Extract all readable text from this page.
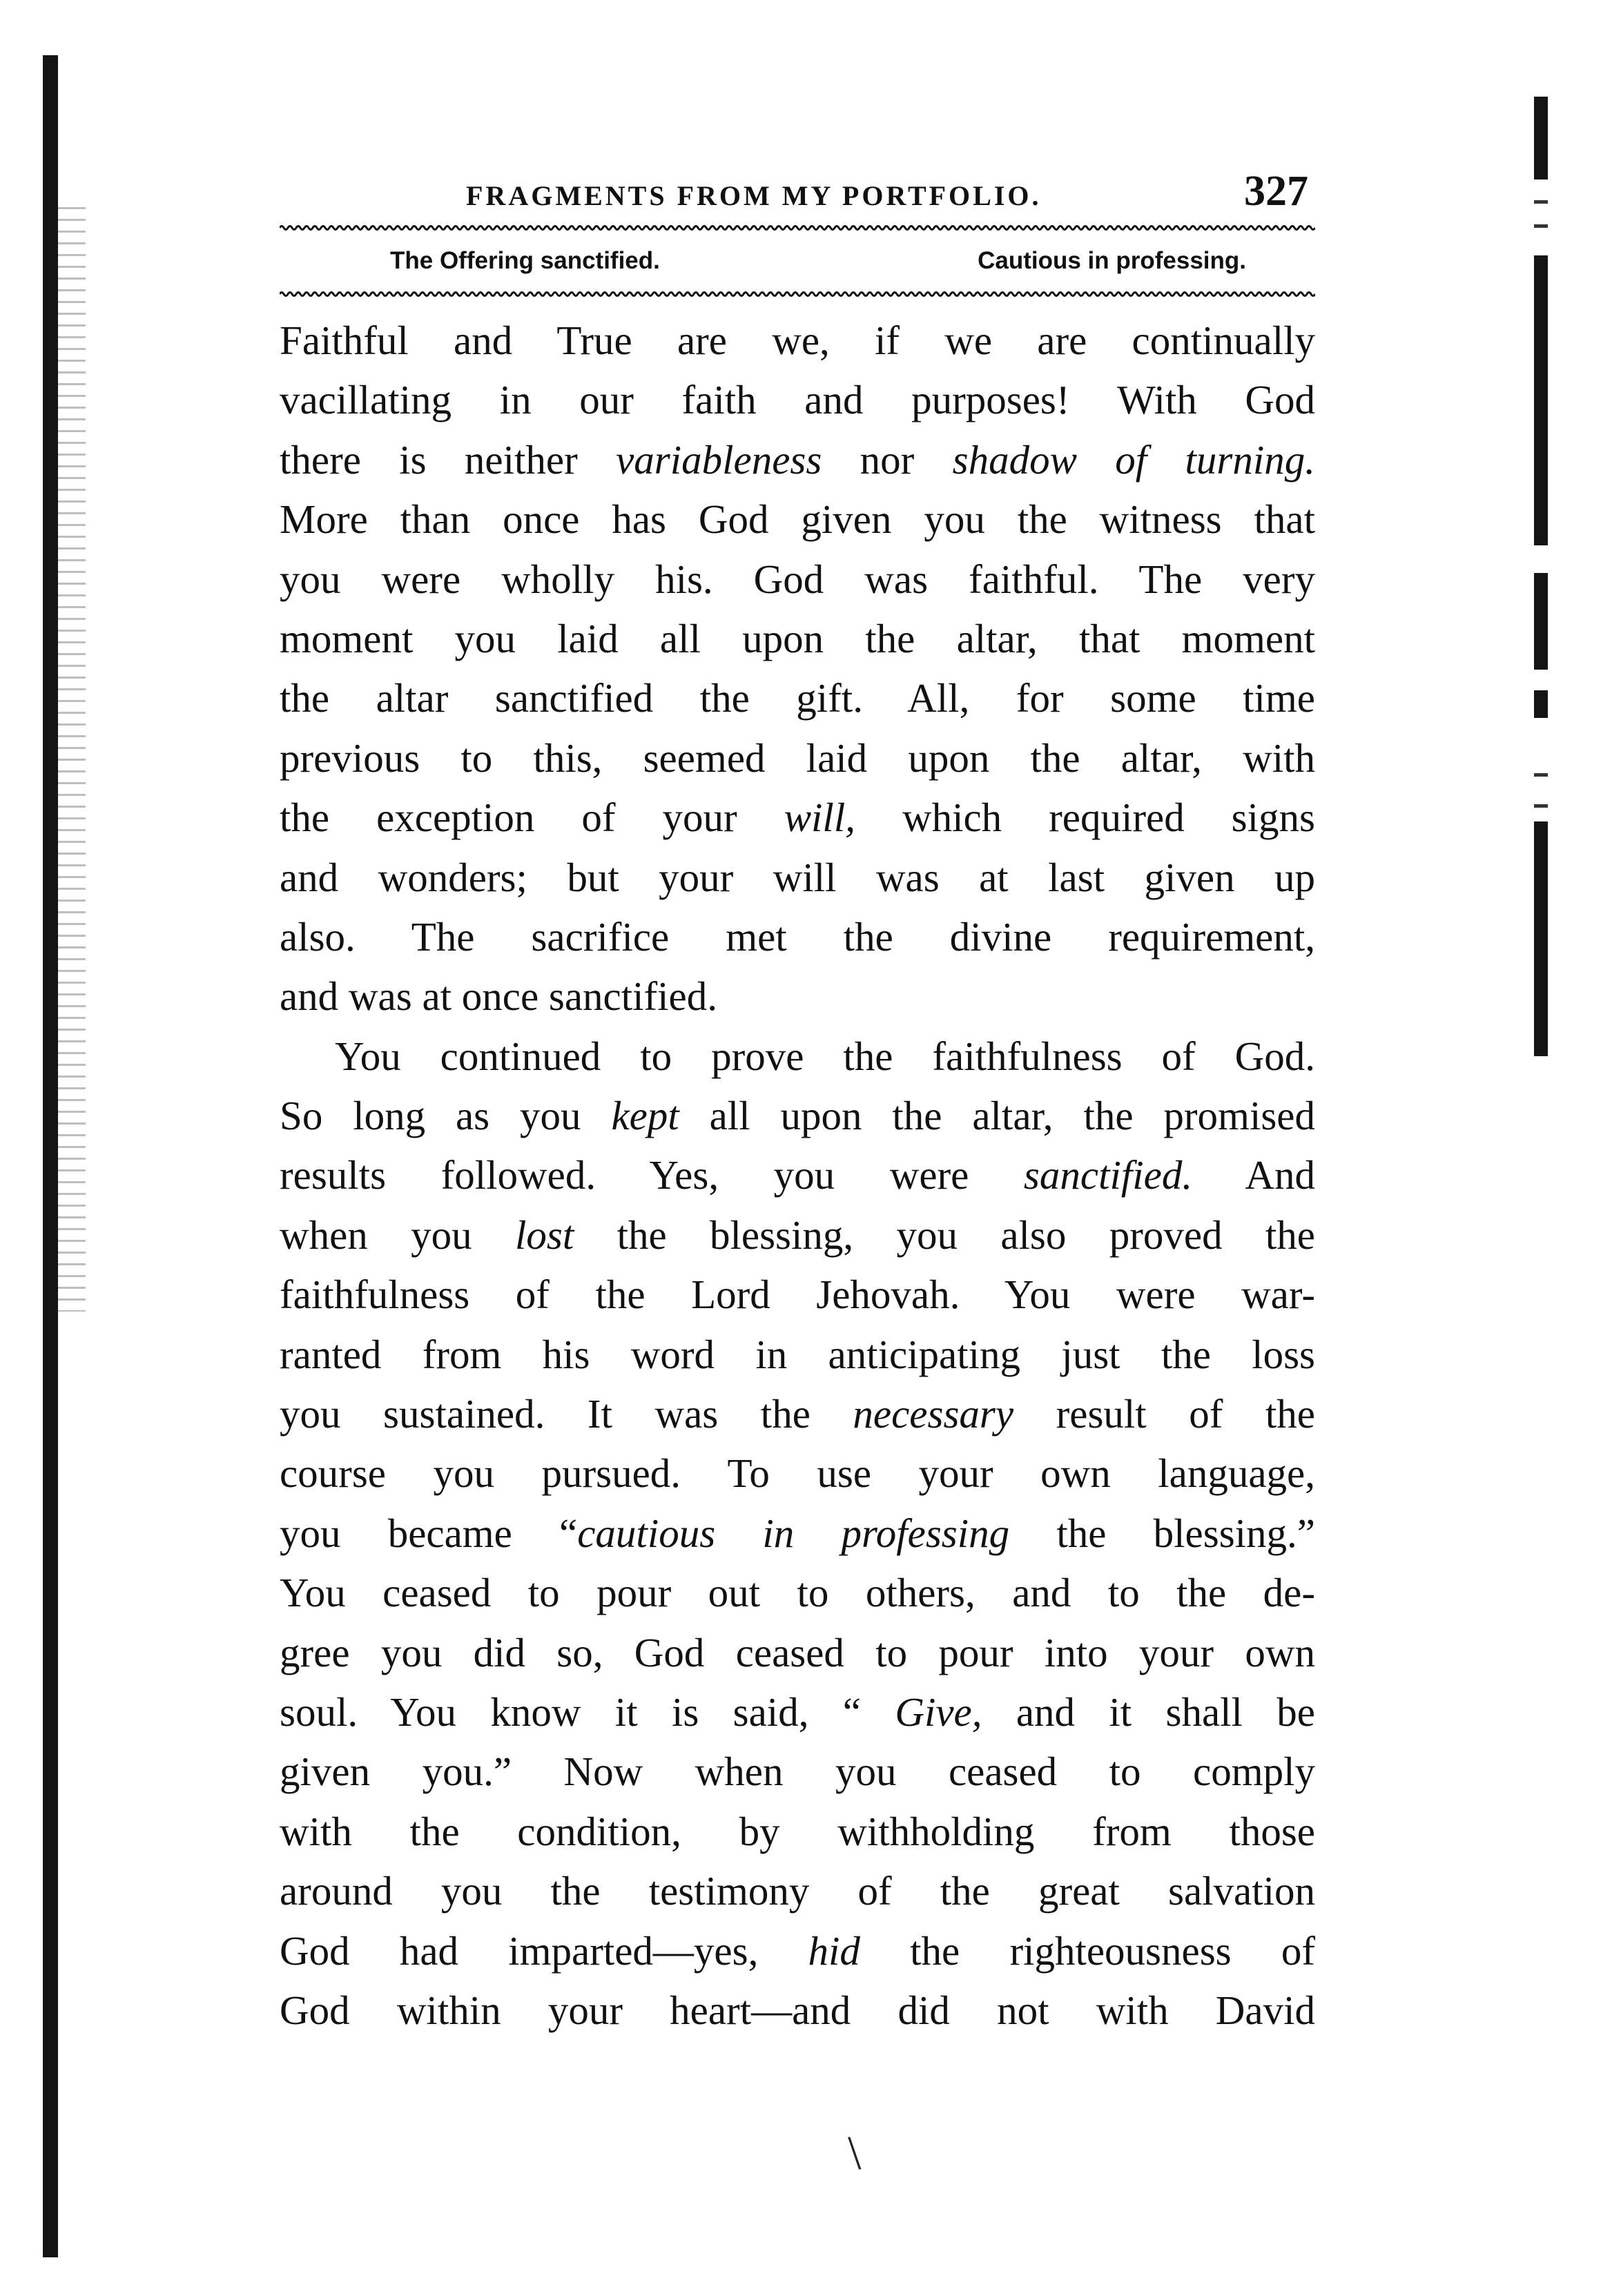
FRAGMENTS FROM MY PORTFOLIO.	327
The Offering sanctified.	Cautious in professing.
Faithful and True are we, if we are continually
vacillating in our faith and purposes! With God
there is neither variableness nor shadow of turning.
More than once has God given you the witness that
you were wholly his. God was faithful. The very
moment you laid all upon the altar, that moment
the altar sanctified the gift. All, for some time
previous to this, seemed laid upon the altar, with
the exception of your will, which required signs
and wonders; but your will was at last given up
also. The sacrifice met the divine requirement,
and was at once sanctified.
You continued to prove the faithfulness of God.
So long as you kept all upon the altar, the promised
results followed. Yes, you were sanctified. And
when you lost the blessing, you also proved the
faithfulness of the Lord Jehovah. You were war-
ranted from his word in anticipating just the loss
you sustained. It was the necessary result of the
course you pursued. To use your own language,
you became “cautious in professing the blessing.”
You ceased to pour out to others, and to the de-
gree you did so, God ceased to pour into your own
soul. You know it is said, “ Give, and it shall be
given you.” Now when you ceased to comply
with the condition, by withholding from those
around you the testimony of the great salvation
God had imparted—yes, hid the righteousness of
God within your heart—and did not with David
\
